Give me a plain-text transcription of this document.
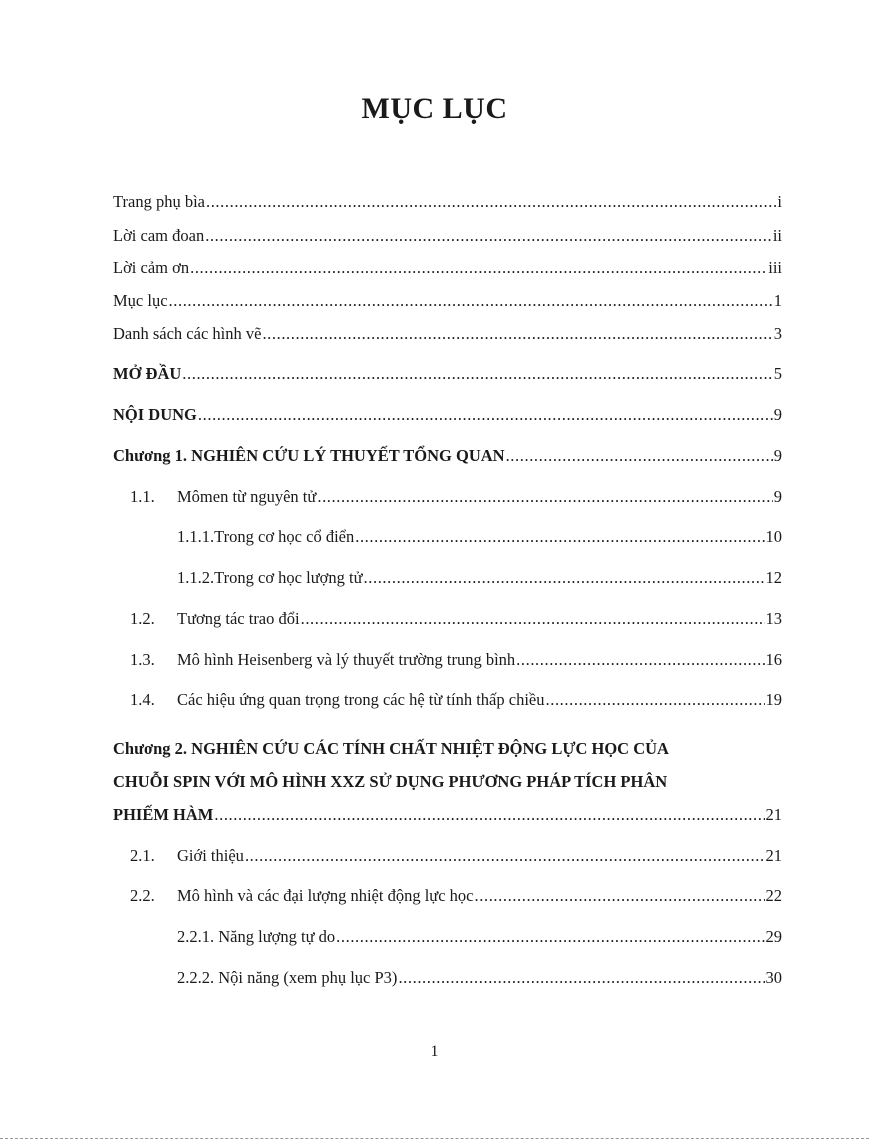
MỤC LỤC
Trang phụ bìa .....	i
Lời cam đoan .....	ii
Lời cảm ơn .....	iii
Mục lục .....	1
Danh sách các hình vẽ .....	3
MỞ ĐẦU .....	5
NỘI DUNG .....	9
Chương 1. NGHIÊN CỨU LÝ THUYẾT TỔNG QUAN .....	9
1.1.	Mômen từ nguyên tử .....	9
1.1.1.Trong cơ học cổ điển .....	10
1.1.2.Trong cơ học lượng tử .....	12
1.2.	Tương tác trao đổi .....	13
1.3.	Mô hình Heisenberg và lý thuyết trường trung bình .....	16
1.4.	Các hiệu ứng quan trọng trong các hệ từ tính thấp chiều .....	19
Chương 2. NGHIÊN CỨU CÁC TÍNH CHẤT NHIỆT ĐỘNG LỰC HỌC CỦA
CHUỖI SPIN VỚI MÔ HÌNH XXZ SỬ DỤNG PHƯƠNG PHÁP TÍCH PHÂN
PHIẾM HÀM .....	21
2.1.	Giới thiệu .....	21
2.2.	Mô hình và các đại lượng nhiệt động lực học .....	22
2.2.1. Năng lượng tự do .....	29
2.2.2. Nội năng (xem phụ lục P3) .....	30
1
